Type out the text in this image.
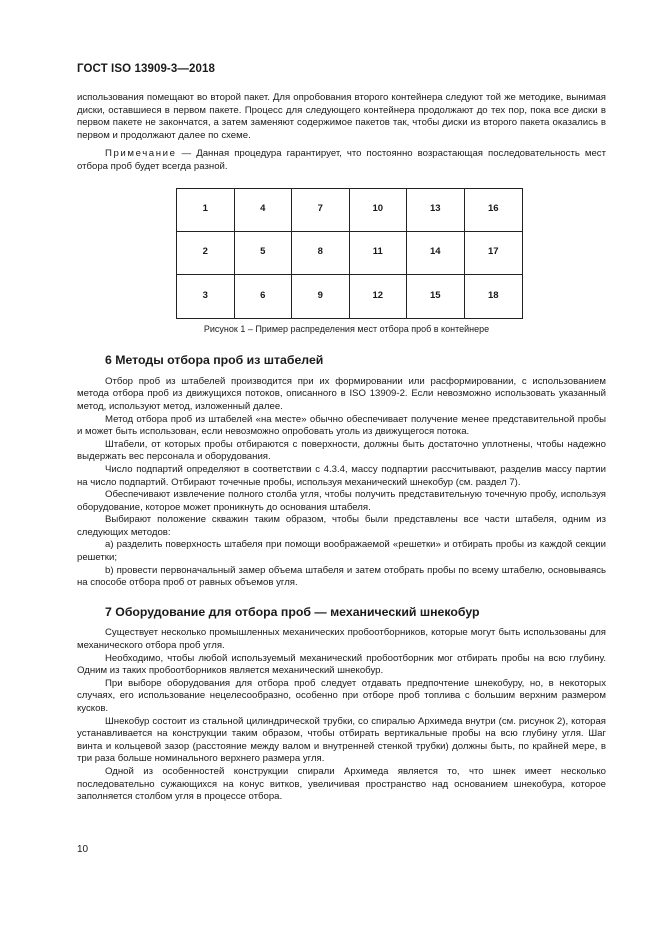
ГОСТ ISO 13909-3—2018

использования помещают во второй пакет. Для опробования второго контейнера следуют той же методике, вынимая диски, оставшиеся в первом пакете. Процесс для следующего контейнера продолжают до тех пор, пока все диски в первом пакете не закончатся, а затем заменяют содержимое пакетов так, чтобы диски из второго пакета оказались в первом и продолжают далее по схеме.

Примечание — Данная процедура гарантирует, что постоянно возрастающая последовательность мест отбора проб будет всегда разной.

1	4	7	10	13	16
2	5	8	11	14	17
3	6	9	12	15	18

Рисунок 1 – Пример распределения мест отбора проб в контейнере

6 Методы отбора проб из штабелей

Отбор проб из штабелей производится при их формировании или расформировании, с использованием метода отбора проб из движущихся потоков, описанного в ISO 13909-2. Если невозможно использовать указанный метод, используют метод, изложенный далее.

Метод отбора проб из штабелей «на месте» обычно обеспечивает получение менее представительной пробы и может быть использован, если невозможно опробовать уголь из движущегося потока.

Штабели, от которых пробы отбираются с поверхности, должны быть достаточно уплотнены, чтобы надежно выдержать вес персонала и оборудования.

Число подпартий определяют в соответствии с 4.3.4, массу подпартии рассчитывают, разделив массу партии на число подпартий. Отбирают точечные пробы, используя механический шнекобур (см. раздел 7).

Обеспечивают извлечение полного столба угля, чтобы получить представительную точечную пробу, используя оборудование, которое может проникнуть до основания штабеля.

Выбирают положение скважин таким образом, чтобы были представлены все части штабеля, одним из следующих методов:

а) разделить поверхность штабеля при помощи воображаемой «решетки» и отбирать пробы из каждой секции решетки;

b) провести первоначальный замер объема штабеля и затем отобрать пробы по всему штабелю, основываясь на способе отбора проб от равных объемов угля.

7 Оборудование для отбора проб — механический шнекобур

Существует несколько промышленных механических пробоотборников, которые могут быть использованы для механического отбора проб угля.

Необходимо, чтобы любой используемый механический пробоотборник мог отбирать пробы на всю глубину. Одним из таких пробоотборников является механический шнекобур.

При выборе оборудования для отбора проб следует отдавать предпочтение шнекобуру, но, в некоторых случаях, его использование нецелесообразно, особенно при отборе проб топлива с большим верхним размером кусков.

Шнекобур состоит из стальной цилиндрической трубки, со спиралью Архимеда внутри (см. рисунок 2), которая устанавливается на конструкции таким образом, чтобы отбирать вертикальные пробы на всю глубину угля. Шаг винта и кольцевой зазор (расстояние между валом и внутренней стенкой трубки) должны быть, по крайней мере, в три раза больше номинального верхнего размера угля.

Одной из особенностей конструкции спирали Архимеда является то, что шнек имеет несколько последовательно сужающихся на конус витков, увеличивая пространство над основанием шнекобура, которое заполняется столбом угля в процессе отбора.

10
